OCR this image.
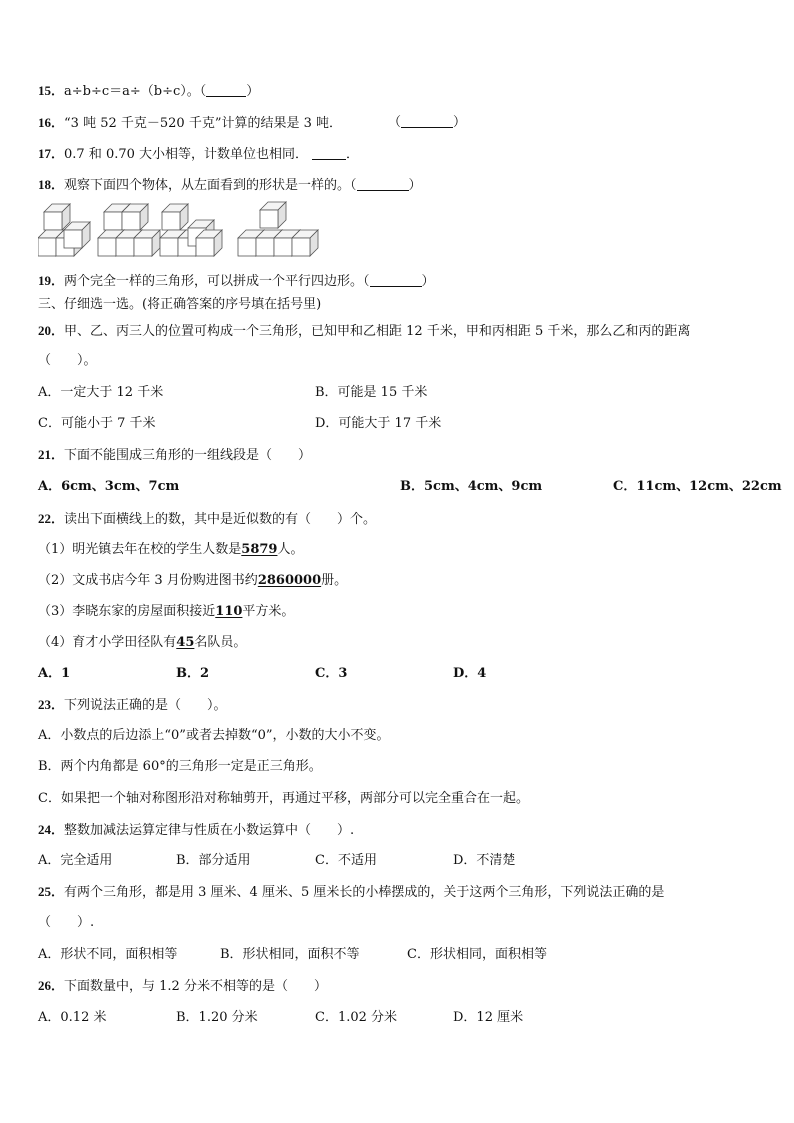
15．a÷b÷c＝a÷（b÷c）。（	）
16．“3 吨 52 千克－520 千克”计算的结果是 3 吨．	（	）
17．0.7 和 0.70 大小相等，计数单位也相同．	．
18．观察下面四个物体，从左面看到的形状是一样的。（	）
19．两个完全一样的三角形，可以拼成一个平行四边形。（	）
三、仔细选一选。(将正确答案的序号填在括号里)
20．甲、乙、丙三人的位置可构成一个三角形，已知甲和乙相距 12 千米，甲和丙相距 5 千米，那么乙和丙的距离
（　　）。
A．一定大于 12 千米	B．可能是 15 千米
C．可能小于 7 千米	D．可能大于 17 千米
21．下面不能围成三角形的一组线段是（　　）
A．6cm、3cm、7cm	B．5cm、4cm、9cm	C．11cm、12cm、22cm
22．读出下面横线上的数，其中是近似数的有（　　）个。
（1）明光镇去年在校的学生人数是5879人。
（2）文成书店今年 3 月份购进图书约2860000册。
（3）李晓东家的房屋面积接近110平方米。
（4）育才小学田径队有45名队员。
A．1	B．2	C．3	D．4
23．下列说法正确的是（　　）。
A．小数点的后边添上“0”或者去掉数“0”，小数的大小不变。
B．两个内角都是 60°的三角形一定是正三角形。
C．如果把一个轴对称图形沿对称轴剪开，再通过平移，两部分可以完全重合在一起。
24．整数加减法运算定律与性质在小数运算中（　　）.
A．完全适用	B．部分适用	C．不适用	D．不清楚
25．有两个三角形，都是用 3 厘米、4 厘米、5 厘米长的小棒摆成的，关于这两个三角形，下列说法正确的是
（　　）.
A．形状不同，面积相等	B．形状相同，面积不等	C．形状相同，面积相等
26．下面数量中，与 1.2 分米不相等的是（　　）
A．0.12 米	B．1.20 分米	C．1.02 分米	D．12 厘米
